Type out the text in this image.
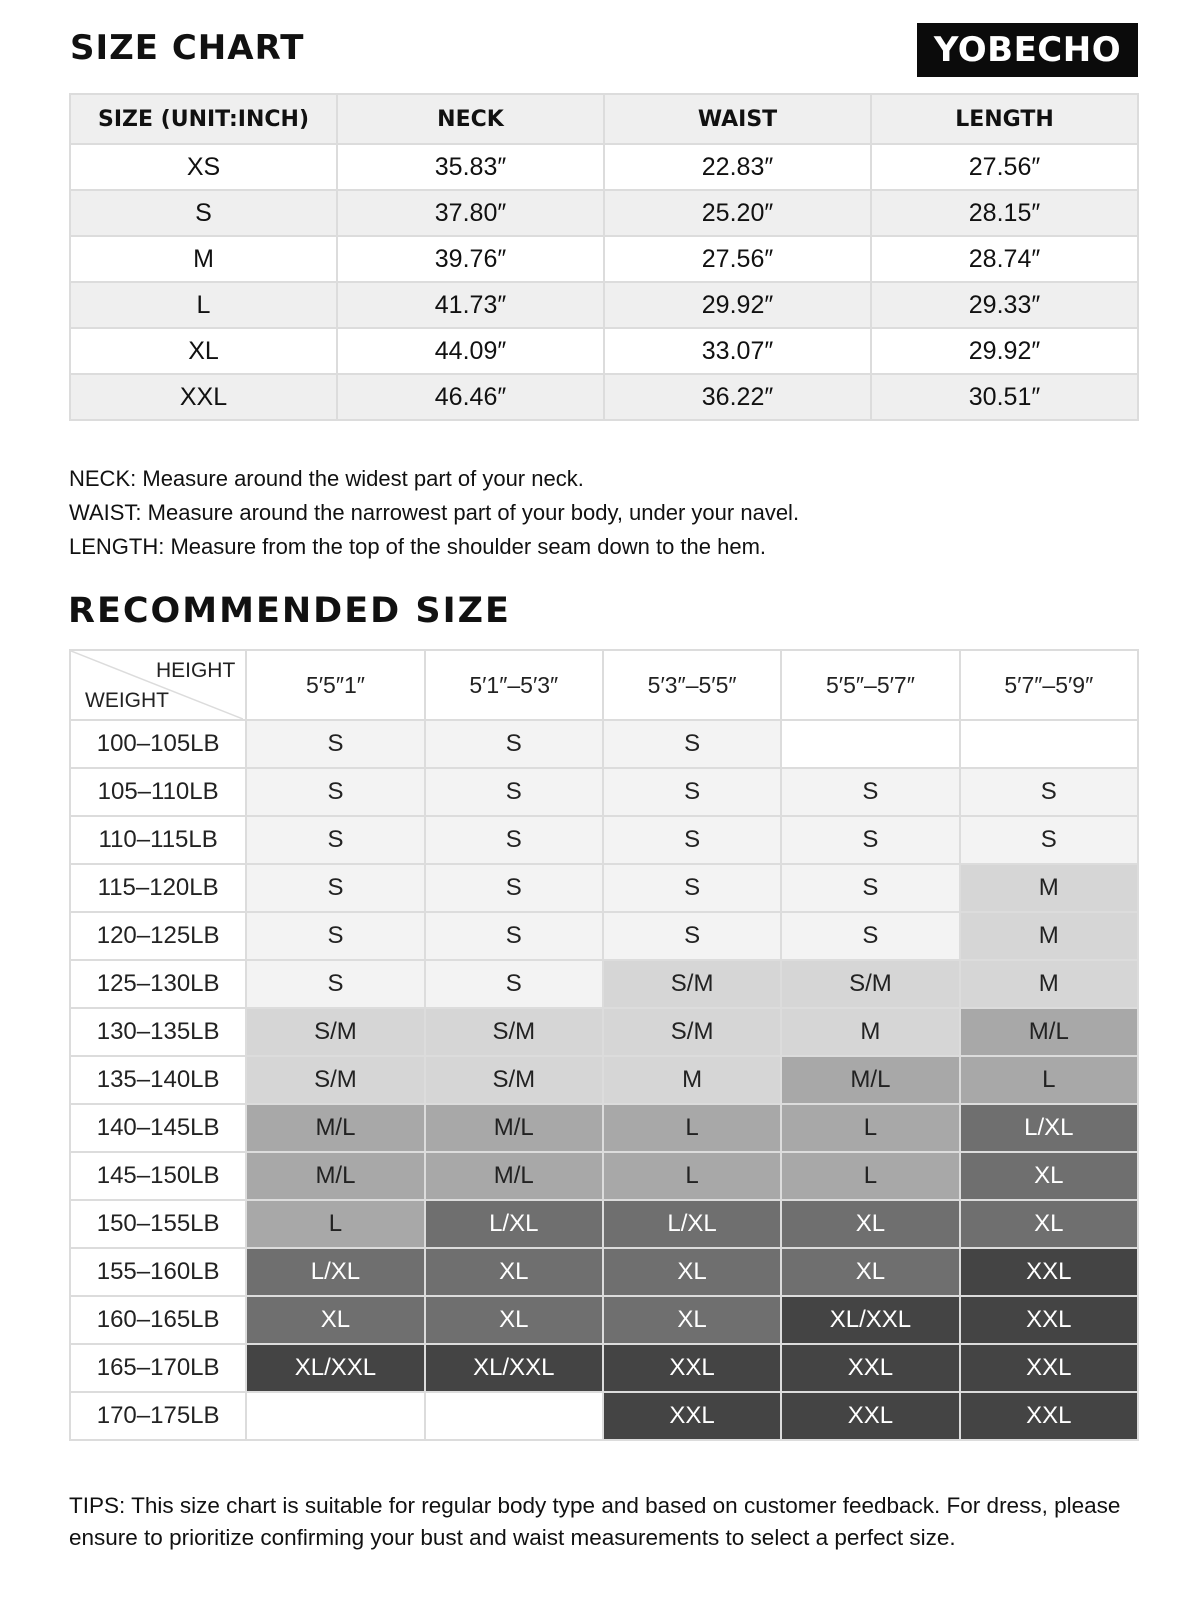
SIZE CHART	YOBECHO
SIZE (UNIT:INCH)	NECK	WAIST	LENGTH
XS	35.83″	22.83″	27.56″
S	37.80″	25.20″	28.15″
M	39.76″	27.56″	28.74″
L	41.73″	29.92″	29.33″
XL	44.09″	33.07″	29.92″
XXL	46.46″	36.22″	30.51″
NECK: Measure around the widest part of your neck.
WAIST: Measure around the narrowest part of your body, under your navel.
LENGTH: Measure from the top of the shoulder seam down to the hem.
RECOMMENDED SIZE
HEIGHT
WEIGHT	5′5″1″	5′1″–5′3″	5′3″–5′5″	5′5″–5′7″	5′7″–5′9″
100–105LB	S	S	S		
105–110LB	S	S	S	S	S
110–115LB	S	S	S	S	S
115–120LB	S	S	S	S	M
120–125LB	S	S	S	S	M
125–130LB	S	S	S/M	S/M	M
130–135LB	S/M	S/M	S/M	M	M/L
135–140LB	S/M	S/M	M	M/L	L
140–145LB	M/L	M/L	L	L	L/XL
145–150LB	M/L	M/L	L	L	XL
150–155LB	L	L/XL	L/XL	XL	XL
155–160LB	L/XL	XL	XL	XL	XXL
160–165LB	XL	XL	XL	XL/XXL	XXL
165–170LB	XL/XXL	XL/XXL	XXL	XXL	XXL
170–175LB			XXL	XXL	XXL
TIPS: This size chart is suitable for regular body type and based on customer feedback. For dress, please ensure to prioritize confirming your bust and waist measurements to select a perfect size.
